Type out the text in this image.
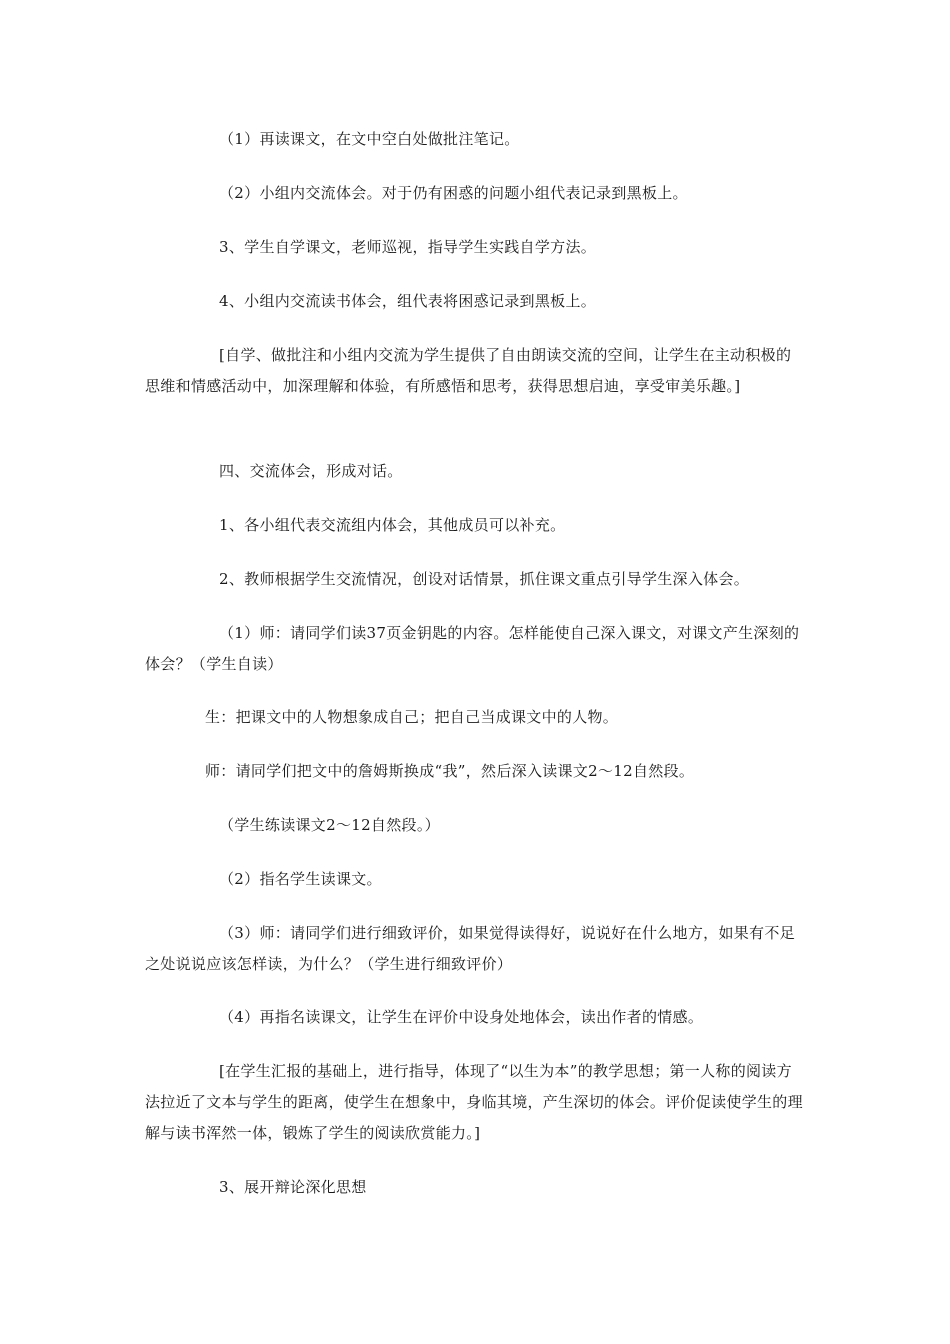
（1）再读课文，在文中空白处做批注笔记。

（2）小组内交流体会。对于仍有困惑的问题小组代表记录到黑板上。

3、学生自学课文，老师巡视，指导学生实践自学方法。

4、小组内交流读书体会，组代表将困惑记录到黑板上。

[自学、做批注和小组内交流为学生提供了自由朗读交流的空间，让学生在主动积极的思维和情感活动中，加深理解和体验，有所感悟和思考，获得思想启迪，享受审美乐趣。]

四、交流体会，形成对话。

1、各小组代表交流组内体会，其他成员可以补充。

2、教师根据学生交流情况，创设对话情景，抓住课文重点引导学生深入体会。

（1）师：请同学们读37页金钥匙的内容。怎样能使自己深入课文，对课文产生深刻的体会？（学生自读）

生：把课文中的人物想象成自己；把自己当成课文中的人物。

师：请同学们把文中的詹姆斯换成“我”，然后深入读课文2～12自然段。

（学生练读课文2～12自然段。）

（2）指名学生读课文。

（3）师：请同学们进行细致评价，如果觉得读得好，说说好在什么地方，如果有不足之处说说应该怎样读，为什么？（学生进行细致评价）

（4）再指名读课文，让学生在评价中设身处地体会，读出作者的情感。

[在学生汇报的基础上，进行指导，体现了“以生为本”的教学思想；第一人称的阅读方法拉近了文本与学生的距离，使学生在想象中，身临其境，产生深切的体会。评价促读使学生的理解与读书浑然一体，锻炼了学生的阅读欣赏能力。]

3、展开辩论深化思想
